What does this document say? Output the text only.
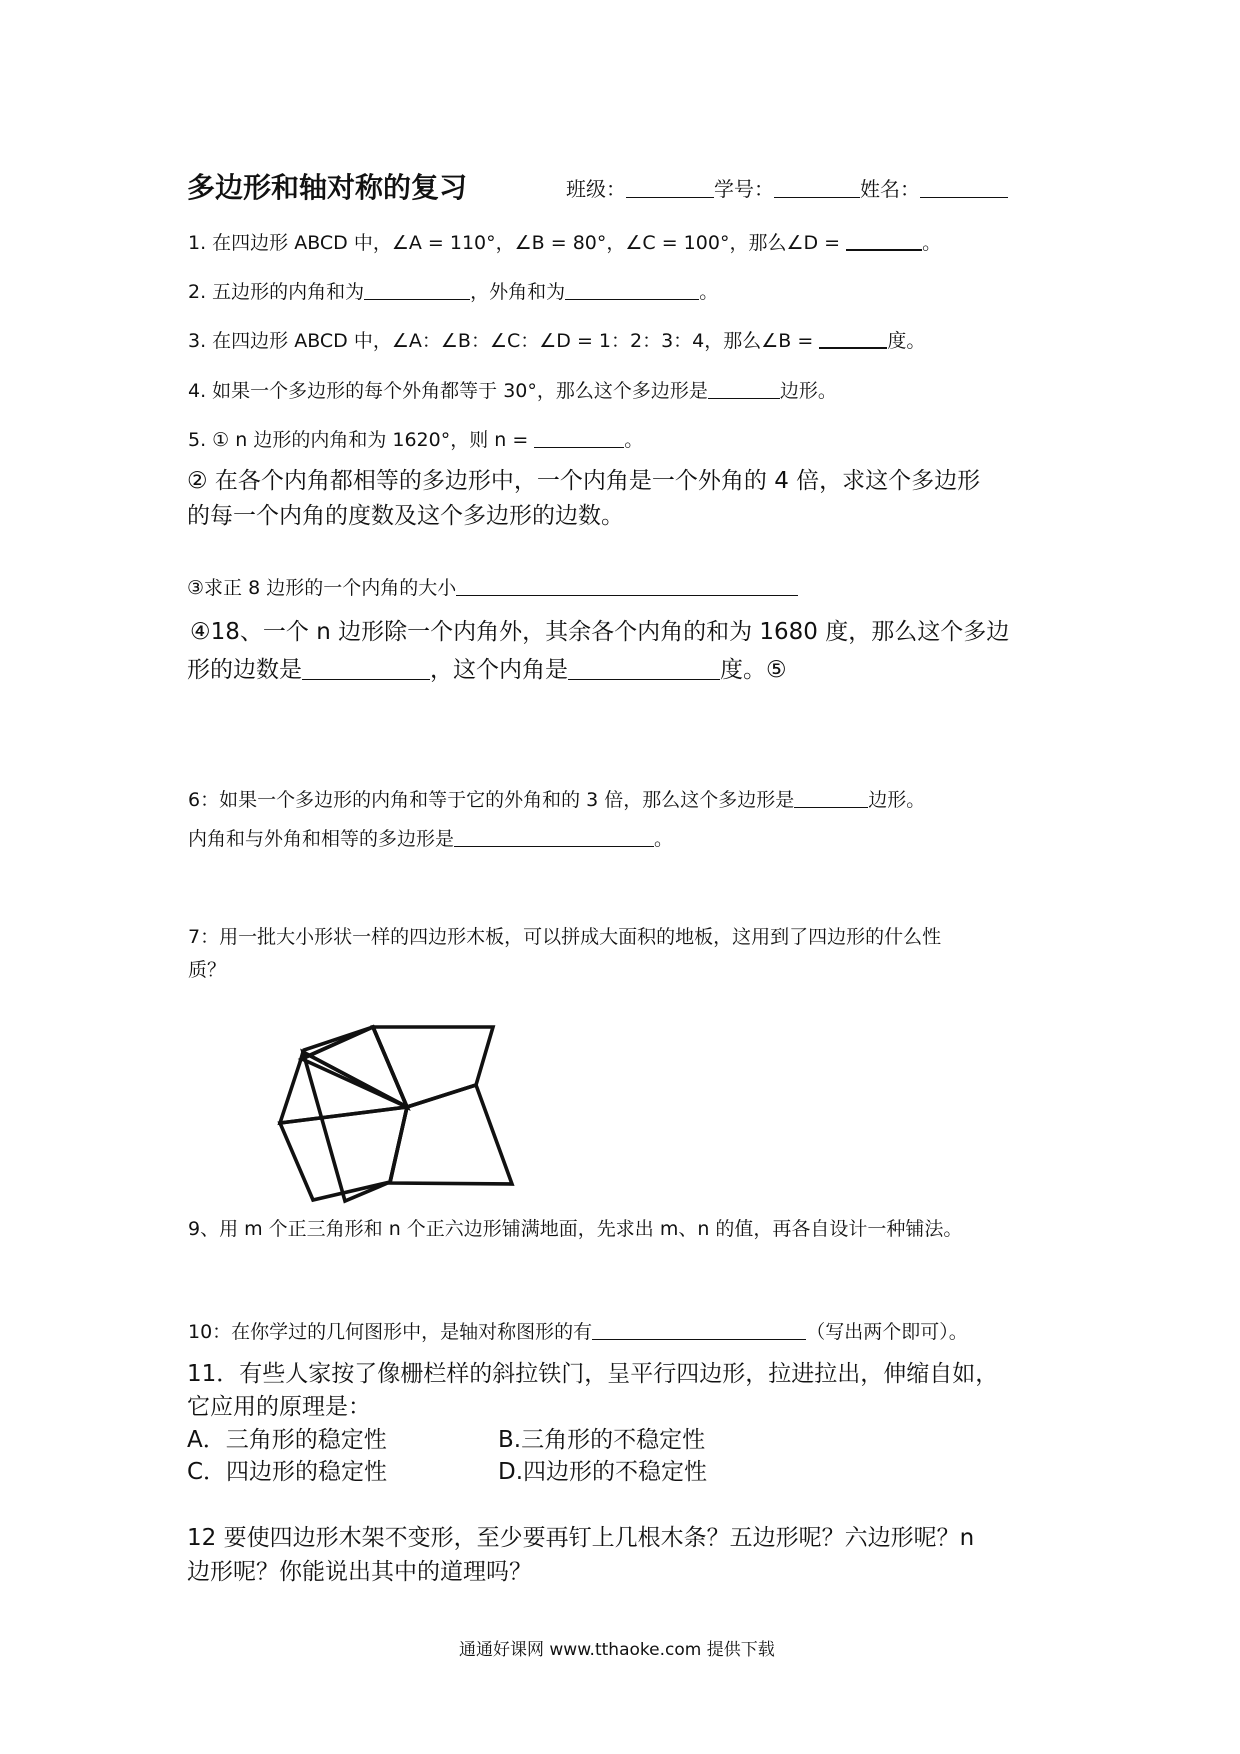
多边形和轴对称的复习	班级：	学号：	姓名：
1. 在四边形 ABCD 中，∠A = 110°，∠B = 80°，∠C = 100°，那么∠D =	。
2. 五边形的内角和为	，外角和为	。
3. 在四边形 ABCD 中，∠A：∠B：∠C：∠D = 1：2：3：4，那么∠B =	度。
4. 如果一个多边形的每个外角都等于 30°，那么这个多边形是	边形。
5. ① n 边形的内角和为 1620°，则 n =	。
② 在各个内角都相等的多边形中，一个内角是一个外角的 4 倍，求这个多边形
的每一个内角的度数及这个多边形的边数。
③求正 8 边形的一个内角的大小
④18、一个 n 边形除一个内角外，其余各个内角的和为 1680 度，那么这个多边
形的边数是	，这个内角是	度。⑤
6：如果一个多边形的内角和等于它的外角和的 3 倍，那么这个多边形是	边形。
内角和与外角和相等的多边形是	。
7：用一批大小形状一样的四边形木板，可以拼成大面积的地板，这用到了四边形的什么性
质？
9、用 m 个正三角形和 n 个正六边形铺满地面，先求出 m、n 的值，再各自设计一种铺法。
10：在你学过的几何图形中，是轴对称图形的有	（写出两个即可）。
11．有些人家按了像栅栏样的斜拉铁门，呈平行四边形，拉进拉出，伸缩自如，
它应用的原理是：
A．三角形的稳定性	B.三角形的不稳定性
C．四边形的稳定性	D.四边形的不稳定性
12 要使四边形木架不变形，至少要再钉上几根木条？五边形呢？六边形呢？n
边形呢？你能说出其中的道理吗？
通通好课网 www.tthaoke.com 提供下载
